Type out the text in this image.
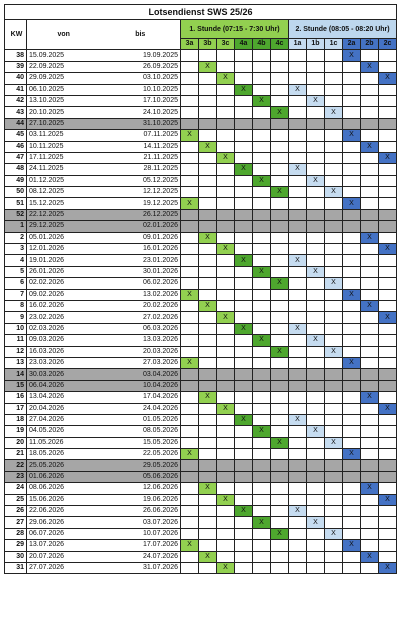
Lotsendienst SWS 25/26														
KW	von	bis	1. Stunde (07:15 - 7:30 Uhr)						2. Stunde (08:05 - 08:20 Uhr)					
			3a	3b	3c	4a	4b	4c	1a	1b	1c	2a	2b	2c
38	15.09.2025	19.09.2025										X		
39	22.09.2025	26.09.2025		X									X	
40	29.09.2025	03.10.2025			X									X
41	06.10.2025	10.10.2025				X			X					
42	13.10.2025	17.10.2025					X			X				
43	20.10.2025	24.10.2025						X			X			
44	27.10.2025	31.10.2025												
45	03.11.2025	07.11.2025	X									X		
46	10.11.2025	14.11.2025		X									X	
47	17.11.2025	21.11.2025			X									X
48	24.11.2025	28.11.2025				X			X					
49	01.12.2025	05.12.2025					X			X				
50	08.12.2025	12.12.2025						X			X			
51	15.12.2025	19.12.2025	X									X		
52	22.12.2025	26.12.2025												
1	29.12.2025	02.01.2026												
2	05.01.2026	09.01.2026		X									X	
3	12.01.2026	16.01.2026			X									X
4	19.01.2026	23.01.2026				X			X					
5	26.01.2026	30.01.2026					X			X				
6	02.02.2026	06.02.2026						X			X			
7	09.02.2026	13.02.2026	X									X		
8	16.02.2026	20.02.2026		X									X	
9	23.02.2026	27.02.2026			X									X
10	02.03.2026	06.03.2026				X			X					
11	09.03.2026	13.03.2026					X			X				
12	16.03.2026	20.03.2026						X			X			
13	23.03.2026	27.03.2026	X									X		
14	30.03.2026	03.04.2026												
15	06.04.2026	10.04.2026												
16	13.04.2026	17.04.2026		X									X	
17	20.04.2026	24.04.2026			X									X
18	27.04.2026	01.05.2026				X			X					
19	04.05.2026	08.05.2026					X			X				
20	11.05.2026	15.05.2026						X			X			
21	18.05.2026	22.05.2026	X									X		
22	25.05.2026	29.05.2026												
23	01.06.2026	05.06.2026												
24	08.06.2026	12.06.2026		X									X	
25	15.06.2026	19.06.2026			X									X
26	22.06.2026	26.06.2026				X			X					
27	29.06.2026	03.07.2026					X			X				
28	06.07.2026	10.07.2026						X			X			
29	13.07.2026	17.07.2026	X									X		
30	20.07.2026	24.07.2026		X									X	
31	27.07.2026	31.07.2026			X									X
